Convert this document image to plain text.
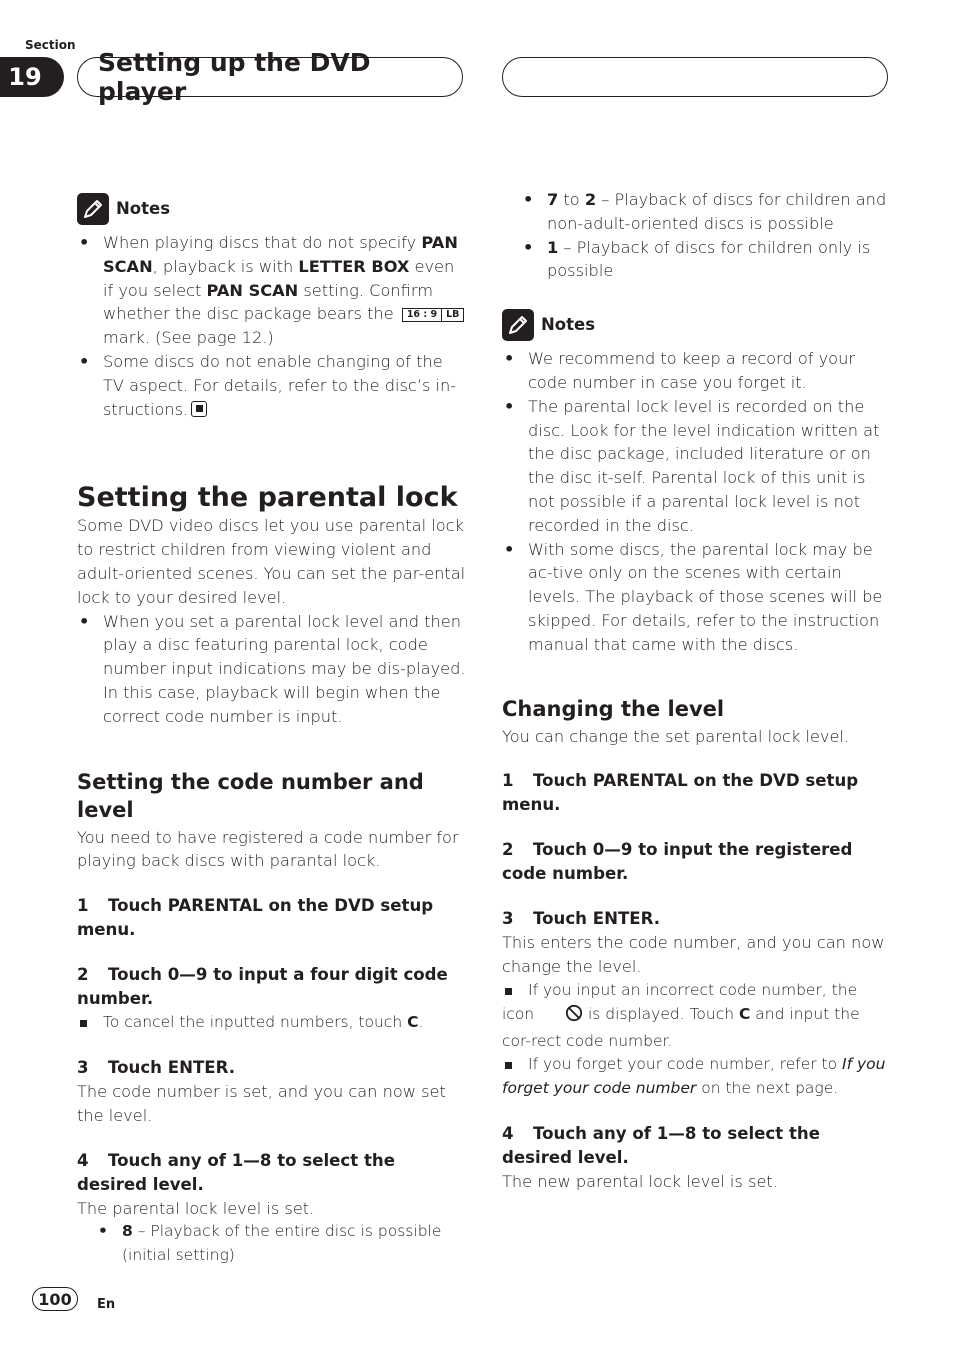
Section
19	Setting up the DVD player
Notes
• When playing discs that do not specify PAN SCAN, playback is with LETTER BOX even if you select PAN SCAN setting. Confirm whether the disc package bears the 16 : 9 LB
mark. (See page 12.)
• Some discs do not enable changing of the TV aspect. For details, refer to the disc’s in-structions.
Setting the parental lock
Some DVD video discs let you use parental lock to restrict children from viewing violent and adult-oriented scenes. You can set the par-ental lock to your desired level.
• When you set a parental lock level and then play a disc featuring parental lock, code number input indications may be dis-played. In this case, playback will begin when the correct code number is input.
Setting the code number and level
You need to have registered a code number for playing back discs with parantal lock.
1 Touch PARENTAL on the DVD setup menu.
2 Touch 0—9 to input a four digit code number.
To cancel the inputted numbers, touch C.
3 Touch ENTER.
The code number is set, and you can now set the level.
4 Touch any of 1—8 to select the desired level.
The parental lock level is set.
• 8 – Playback of the entire disc is possible (initial setting)
• 7 to 2 – Playback of discs for children and non-adult-oriented discs is possible
• 1 – Playback of discs for children only is possible
Notes
• We recommend to keep a record of your code number in case you forget it.
• The parental lock level is recorded on the disc. Look for the level indication written at the disc package, included literature or on the disc it-self. Parental lock of this unit is not possible if a parental lock level is not recorded in the disc.
• With some discs, the parental lock may be ac-tive only on the scenes with certain levels. The playback of those scenes will be skipped. For details, refer to the instruction manual that came with the discs.
Changing the level
You can change the set parental lock level.
1 Touch PARENTAL on the DVD setup menu.
2 Touch 0—9 to input the registered code number.
3 Touch ENTER.
This enters the code number, and you can now change the level.
If you input an incorrect code number, the icon	is displayed. Touch C and input the cor-rect code number.
If you forget your code number, refer to If you forget your code number on the next page.
4 Touch any of 1—8 to select the desired level.
The new parental lock level is set.
100	En
